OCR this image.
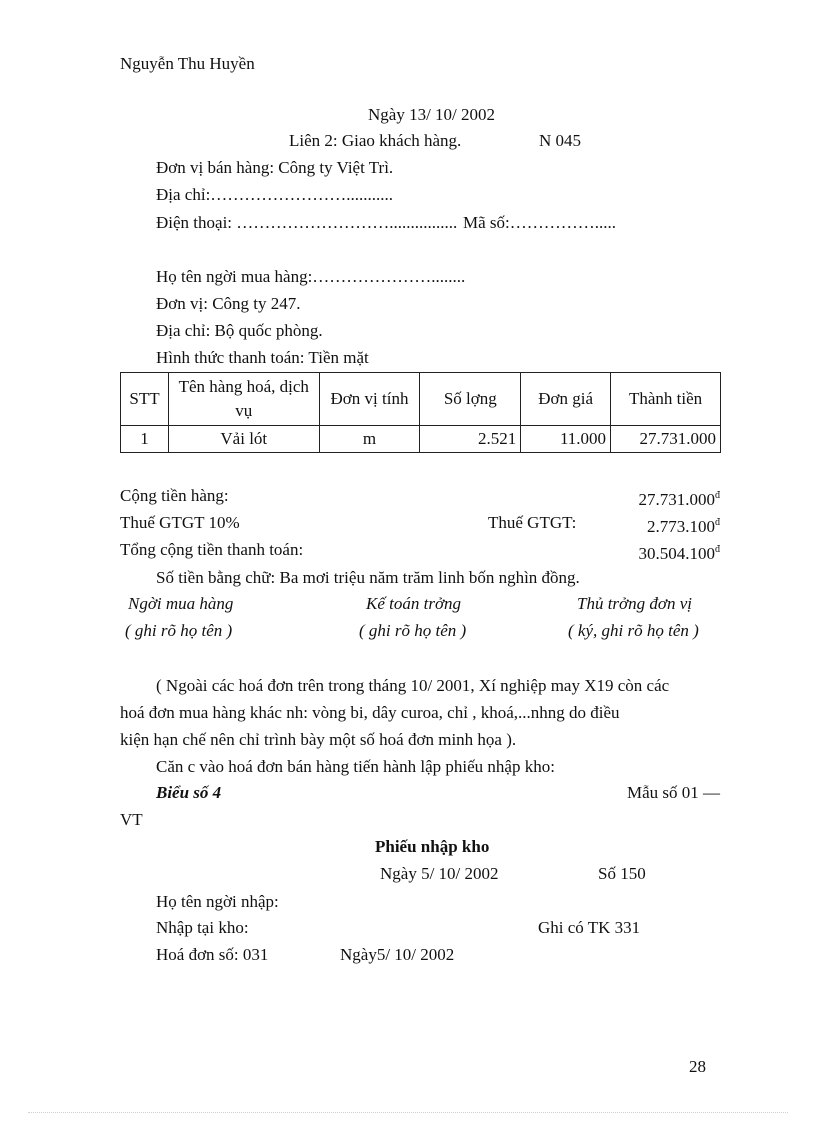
Nguyễn Thu Huyền
Ngày 13/ 10/ 2002
Liên 2: Giao khách hàng.	N 045
Đơn vị bán hàng: Công ty Việt Trì.
Địa chỉ:……………………...........
Điện thoại: ………………………................ Mã số:…………….....
Họ tên ngời mua hàng:…………………........
Đơn vị: Công ty 247.
Địa chỉ: Bộ quốc phòng.
Hình thức thanh toán: Tiền mặt
STT	Tên hàng hoá, dịch vụ	Đơn vị tính	Số lợng	Đơn giá	Thành tiền
1	Vải lót	m	2.521	11.000	27.731.000
Cộng tiền hàng:	$27.731.000^đ$
Thuế GTGT 10%	Thuế GTGT:	$2.773.100^đ$
Tổng cộng tiền thanh toán:	$30.504.100^đ$
Số tiền bằng chữ: Ba mơi triệu năm trăm linh bốn nghìn đồng.
Ngời mua hàng	Kế toán trởng	Thủ trởng đơn vị
( ghi rõ họ tên )	( ghi rõ họ tên )	( ký, ghi rõ họ tên )
( Ngoài các hoá đơn trên trong tháng 10/ 2001, Xí nghiệp may X19 còn các
hoá đơn mua hàng khác nh: vòng bi, dây curoa, chỉ , khoá,...nhng do điều
kiện hạn chế nên chỉ trình bày một số hoá đơn minh họa ).
Căn c vào hoá đơn bán hàng tiến hành lập phiếu nhập kho:
Biểu số 4	Mẫu số 01 —
VT
Phiếu nhập kho
Ngày 5/ 10/ 2002	Số 150
Họ tên ngời nhập:
Nhập tại kho:	Ghi có TK 331
Hoá đơn số: 031	Ngày5/ 10/ 2002
28
